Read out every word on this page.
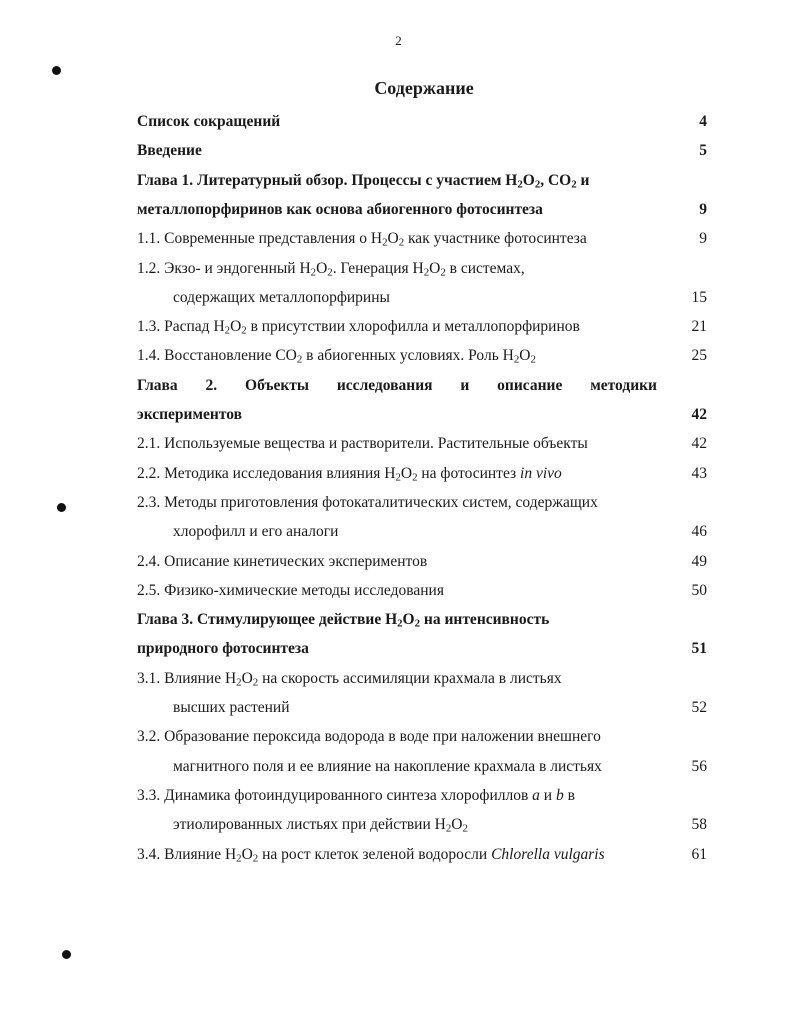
2
Содержание
Список сокращений	4
Введение	5
Глава 1. Литературный обзор. Процессы с участием $H_2O_2$, $CO_2$ и
металлопорфиринов как основа абиогенного фотосинтеза	9
1.1. Современные представления о $H_2O_2$ как участнике фотосинтеза	9
1.2. Экзо- и эндогенный $H_2O_2$. Генерация $H_2O_2$ в системах,
содержащих металлопорфирины	15
1.3. Распад $H_2O_2$ в присутствии хлорофилла и металлопорфиринов	21
1.4. Восстановление $CO_2$ в абиогенных условиях. Роль $H_2O_2$	25
Глава 2. Объекты исследования и описание методики
экспериментов	42
2.1. Используемые вещества и растворители. Растительные объекты	42
2.2. Методика исследования влияния $H_2O_2$ на фотосинтез in vivo	43
2.3. Методы приготовления фотокаталитических систем, содержащих
хлорофилл и его аналоги	46
2.4. Описание кинетических экспериментов	49
2.5. Физико-химические методы исследования	50
Глава 3. Стимулирующее действие $H_2O_2$ на интенсивность
природного фотосинтеза	51
3.1. Влияние $H_2O_2$ на скорость ассимиляции крахмала в листьях
высших растений	52
3.2. Образование пероксида водорода в воде при наложении внешнего
магнитного поля и ее влияние на накопление крахмала в листьях	56
3.3. Динамика фотоиндуцированного синтеза хлорофиллов a и b в
этиолированных листьях при действии $H_2O_2$	58
3.4. Влияние $H_2O_2$ на рост клеток зеленой водоросли Chlorella vulgaris	61
